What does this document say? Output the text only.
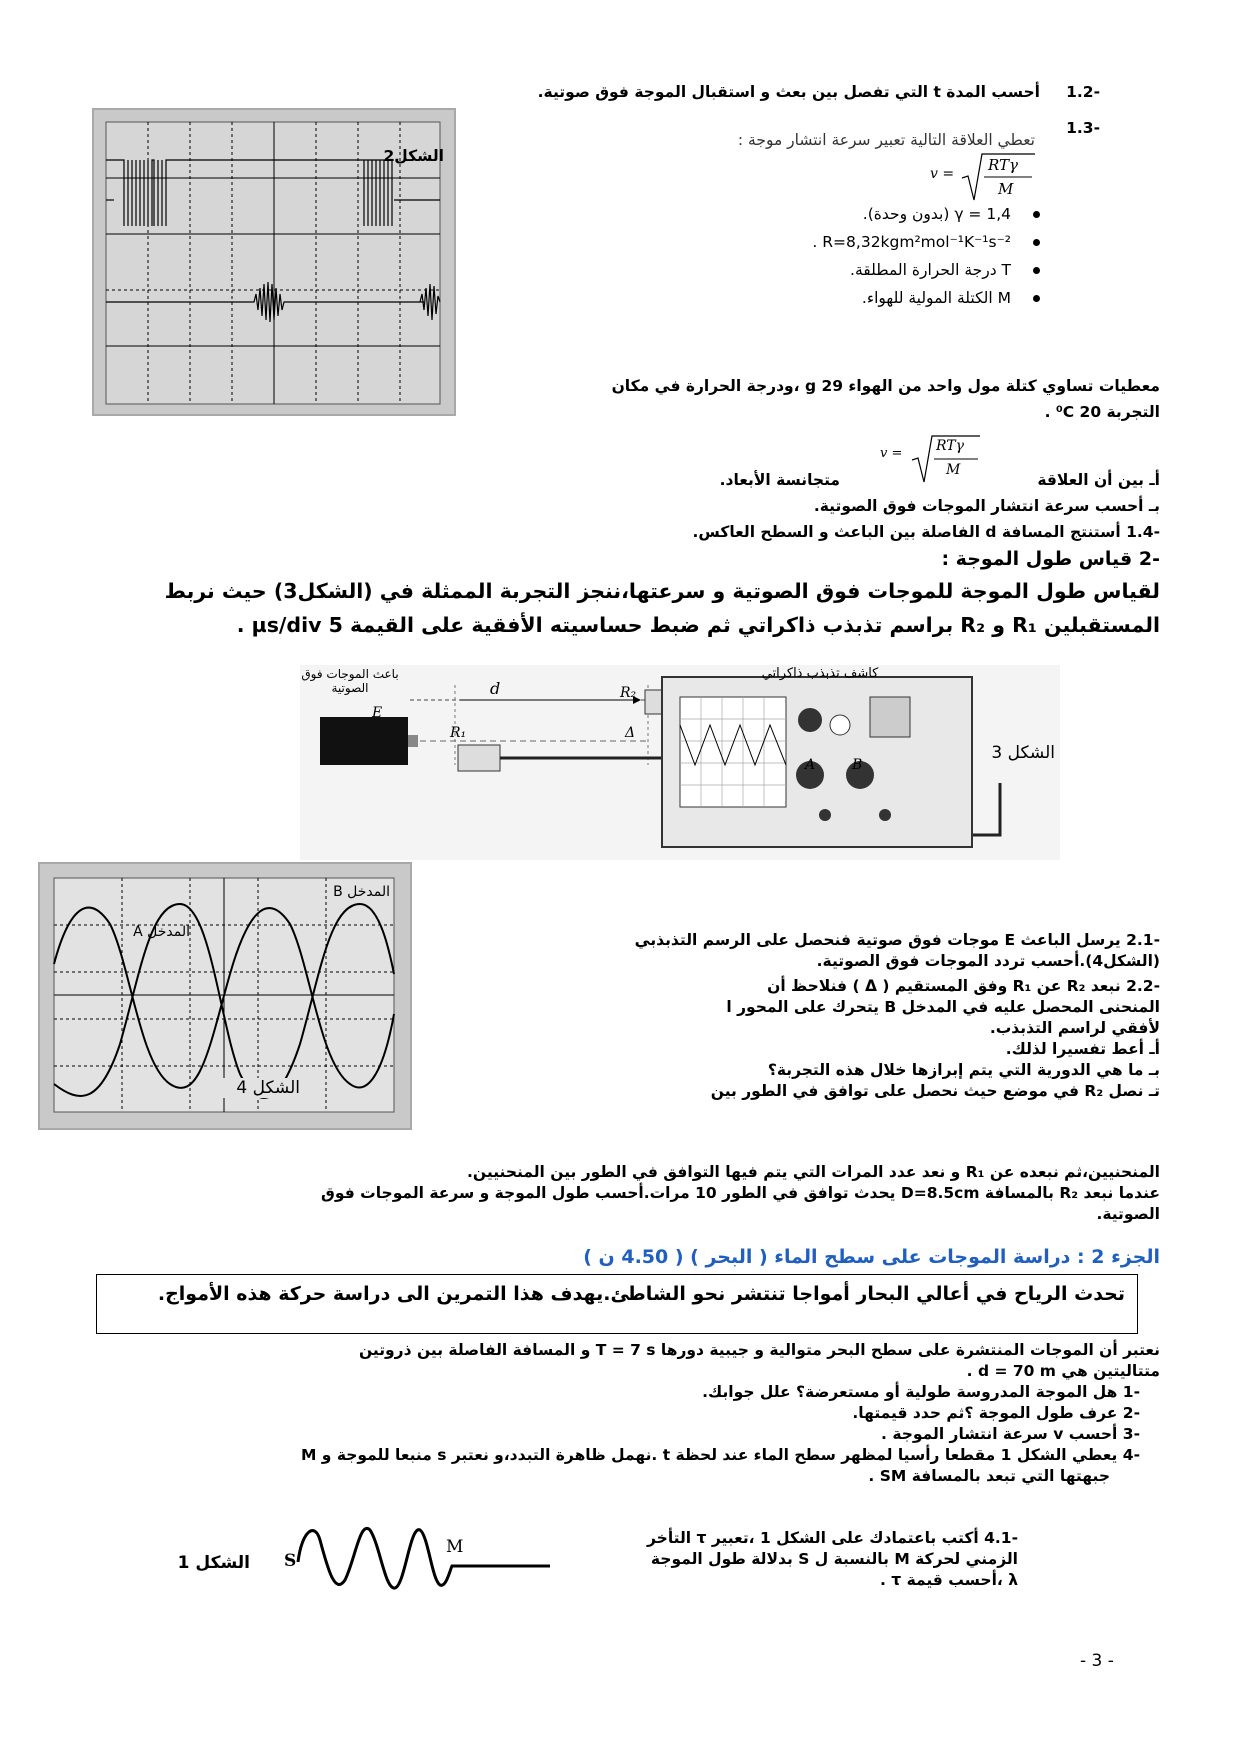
الشكل2
-1.2
أحسب المدة t التي تفصل بين بعث و استقبال الموجة فوق صوتية.
-1.3
تعطي العلاقة التالية تعبير سرعة انتشار موجة :
v = RTγ
M
γ = 1,4 (بدون وحدة).
R=8,32kgm²mol⁻¹K⁻¹s⁻² .
T درجة الحرارة المطلقة.
M الكتلة المولية للهواء.
معطيات تساوي كتلة مول واحد من الهواء g 29 ،ودرجة الحرارة في مكان
التجربة 20 ⁰C .
v = RTγ
M
أـ بين أن العلاقة
متجانسة الأبعاد.
بـ أحسب سرعة انتشار الموجات فوق الصوتية.
-1.4 أستنتج المسافة d الفاصلة بين الباعث و السطح العاكس.
-2 قياس طول الموجة :
لقياس طول الموجة للموجات فوق الصوتية و سرعتها،ننجز التجربة الممثلة في (الشكل3) حيث نربط
المستقبلين R₁ و R₂ براسم تذبذب ذاكراتي ثم ضبط حساسيته الأفقية على القيمة 5 µs/div .
باعث الموجات فوق الصوتية
E
d
R₁
R₂
Δ
A	B
كاشف تذبذب ذاكراتي
الشكل 3
المدخل A
المدخل B
الشكل 4
-2.1 يرسل الباعث E موجات فوق صوتية فنحصل على الرسم التذبذبي
(الشكل4).أحسب تردد الموجات فوق الصوتية.
-2.2 نبعد R₂ عن R₁ وفق المستقيم ( Δ ) فنلاحظ أن
المنحنى المحصل عليه في المدخل B يتحرك على المحور ا
لأفقي لراسم التذبذب.
أـ أعط تفسيرا لذلك.
بـ ما هي الدورية التي يتم إبرازها خلال هذه التجربة؟
تـ نصل R₂ في موضع حيث نحصل على توافق في الطور بين
المنحنيين،ثم نبعده عن R₁ و نعد عدد المرات التي يتم فيها التوافق في الطور بين المنحنيين.
عندما نبعد R₂ بالمسافة D=8.5cm يحدث توافق في الطور 10 مرات.أحسب طول الموجة و سرعة الموجات فوق
الصوتية.
الجزء 2 : دراسة الموجات على سطح الماء ( البحر ) ( 4.50 ن )
تحدث الرياح في أعالي البحار أمواجا تنتشر نحو الشاطئ.يهدف هذا التمرين الى دراسة حركة هذه الأمواج.
نعتبر أن الموجات المنتشرة على سطح البحر متوالية و جيبية دورها T = 7 s و المسافة الفاصلة بين ذروتين
متتاليتين هي d = 70 m .
-1 هل الموجة المدروسة طولية أو مستعرضة؟ علل جوابك.
-2 عرف طول الموجة ؟ثم حدد قيمتها.
-3 أحسب v سرعة انتشار الموجة .
-4 يعطي الشكل 1 مقطعا رأسيا لمظهر سطح الماء عند لحظة t .نهمل ظاهرة التبدد،و نعتبر s منبعا للموجة و M
جبهتها التي تبعد بالمسافة SM .
الشكل 1 S
M	-4.1 أكتب باعتمادك على الشكل 1 ،تعبير τ التأخر
الزمني لحركة M بالنسبة ل S بدلالة طول الموجة
λ ،أحسب قيمة τ .
- 3 -
